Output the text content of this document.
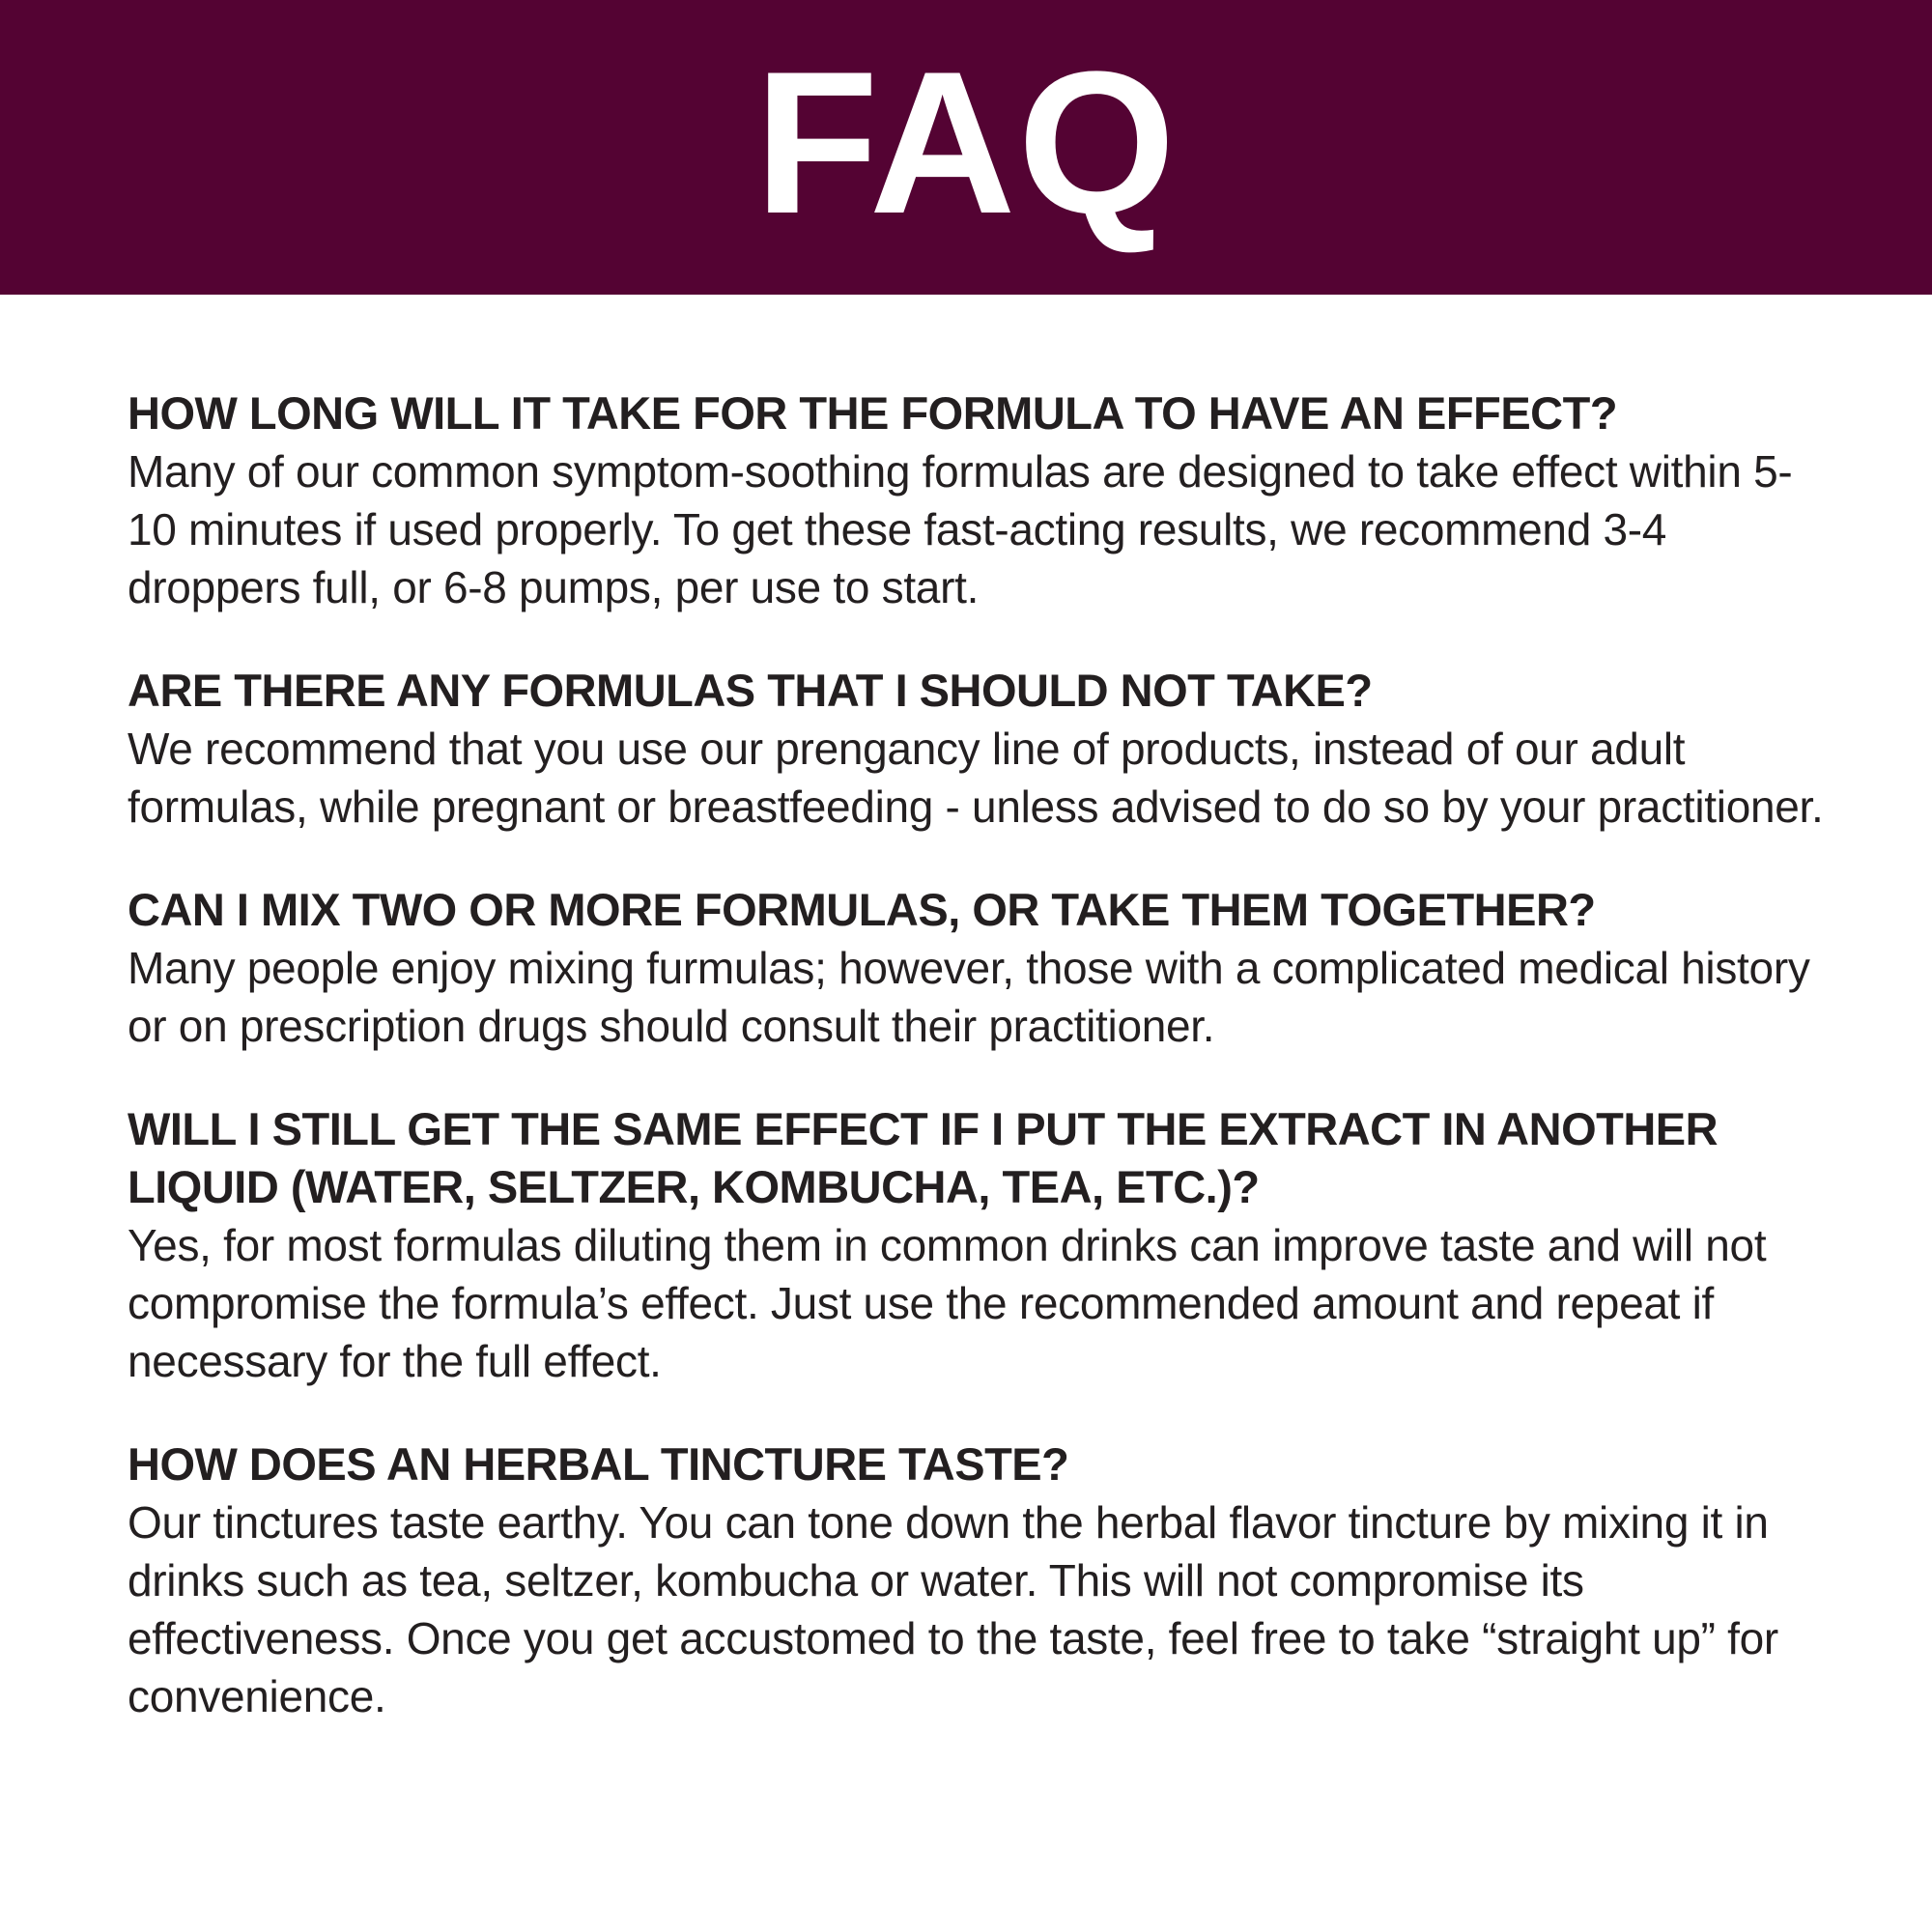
FAQ

HOW LONG WILL IT TAKE FOR THE FORMULA TO HAVE AN EFFECT?

Many of our common symptom-soothing formulas are designed to take effect within 5-10 minutes if used properly. To get these fast-acting results, we recommend 3-4 droppers full, or 6-8 pumps, per use to start.

ARE THERE ANY FORMULAS THAT I SHOULD NOT TAKE?

We recommend that you use our prengancy line of products, instead of our adult formulas, while pregnant or breastfeeding - unless advised to do so by your practitioner.

CAN I MIX TWO OR MORE FORMULAS, OR TAKE THEM TOGETHER?

Many people enjoy mixing furmulas; however, those with a complicated medical history or on prescription drugs should consult their practitioner.

WILL I STILL GET THE SAME EFFECT IF I PUT THE EXTRACT IN ANOTHER LIQUID (WATER, SELTZER, KOMBUCHA, TEA, ETC.)?

Yes, for most formulas diluting them in common drinks can improve taste and will not compromise the formula’s effect. Just use the recommended amount and repeat if necessary for the full effect.

HOW DOES AN HERBAL TINCTURE TASTE?

Our tinctures taste earthy. You can tone down the herbal flavor tincture by mixing it in drinks such as tea, seltzer, kombucha or water. This will not compromise its effectiveness. Once you get accustomed to the taste, feel free to take “straight up” for convenience.
